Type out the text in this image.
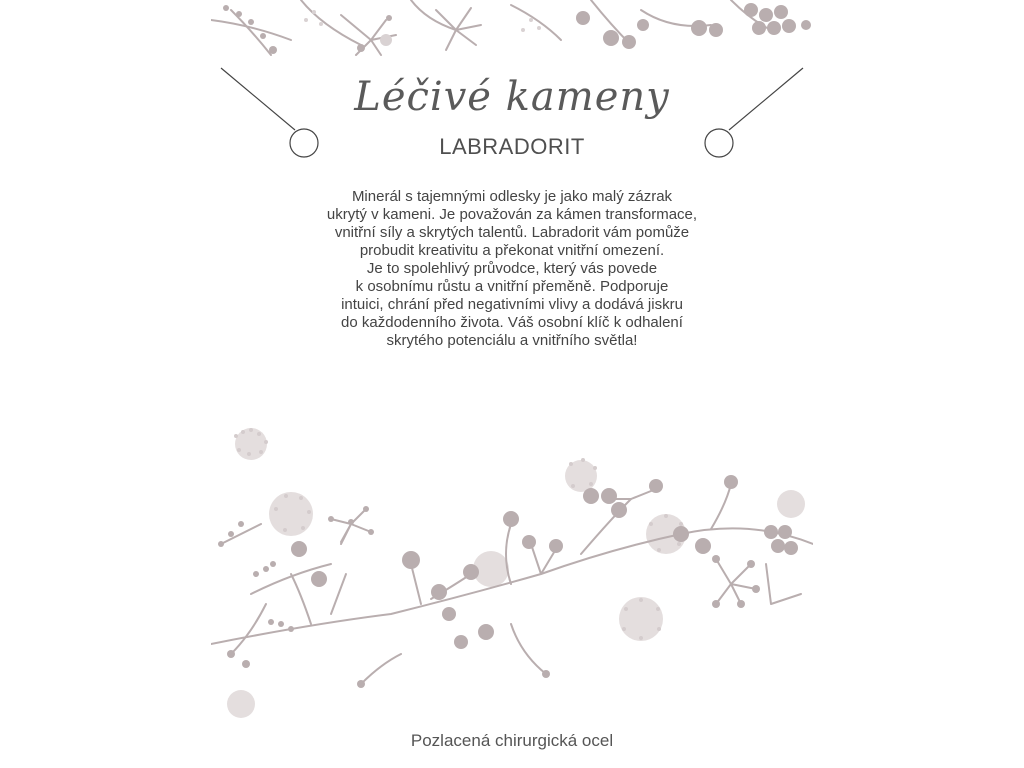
Léčivé kameny
LABRADORIT
Minerál s tajemnými odlesky je jako malý zázrak
ukrytý v kameni. Je považován za kámen transformace,
vnitřní síly a skrytých talentů. Labradorit vám pomůže
probudit kreativitu a překonat vnitřní omezení.
Je to spolehlivý průvodce, který vás povede
k osobnímu růstu a vnitřní přeměně. Podporuje
intuici, chrání před negativními vlivy a dodává jiskru
do každodenního života. Váš osobní klíč k odhalení
skrytého potenciálu a vnitřního světla!
Pozlacená chirurgická ocel
